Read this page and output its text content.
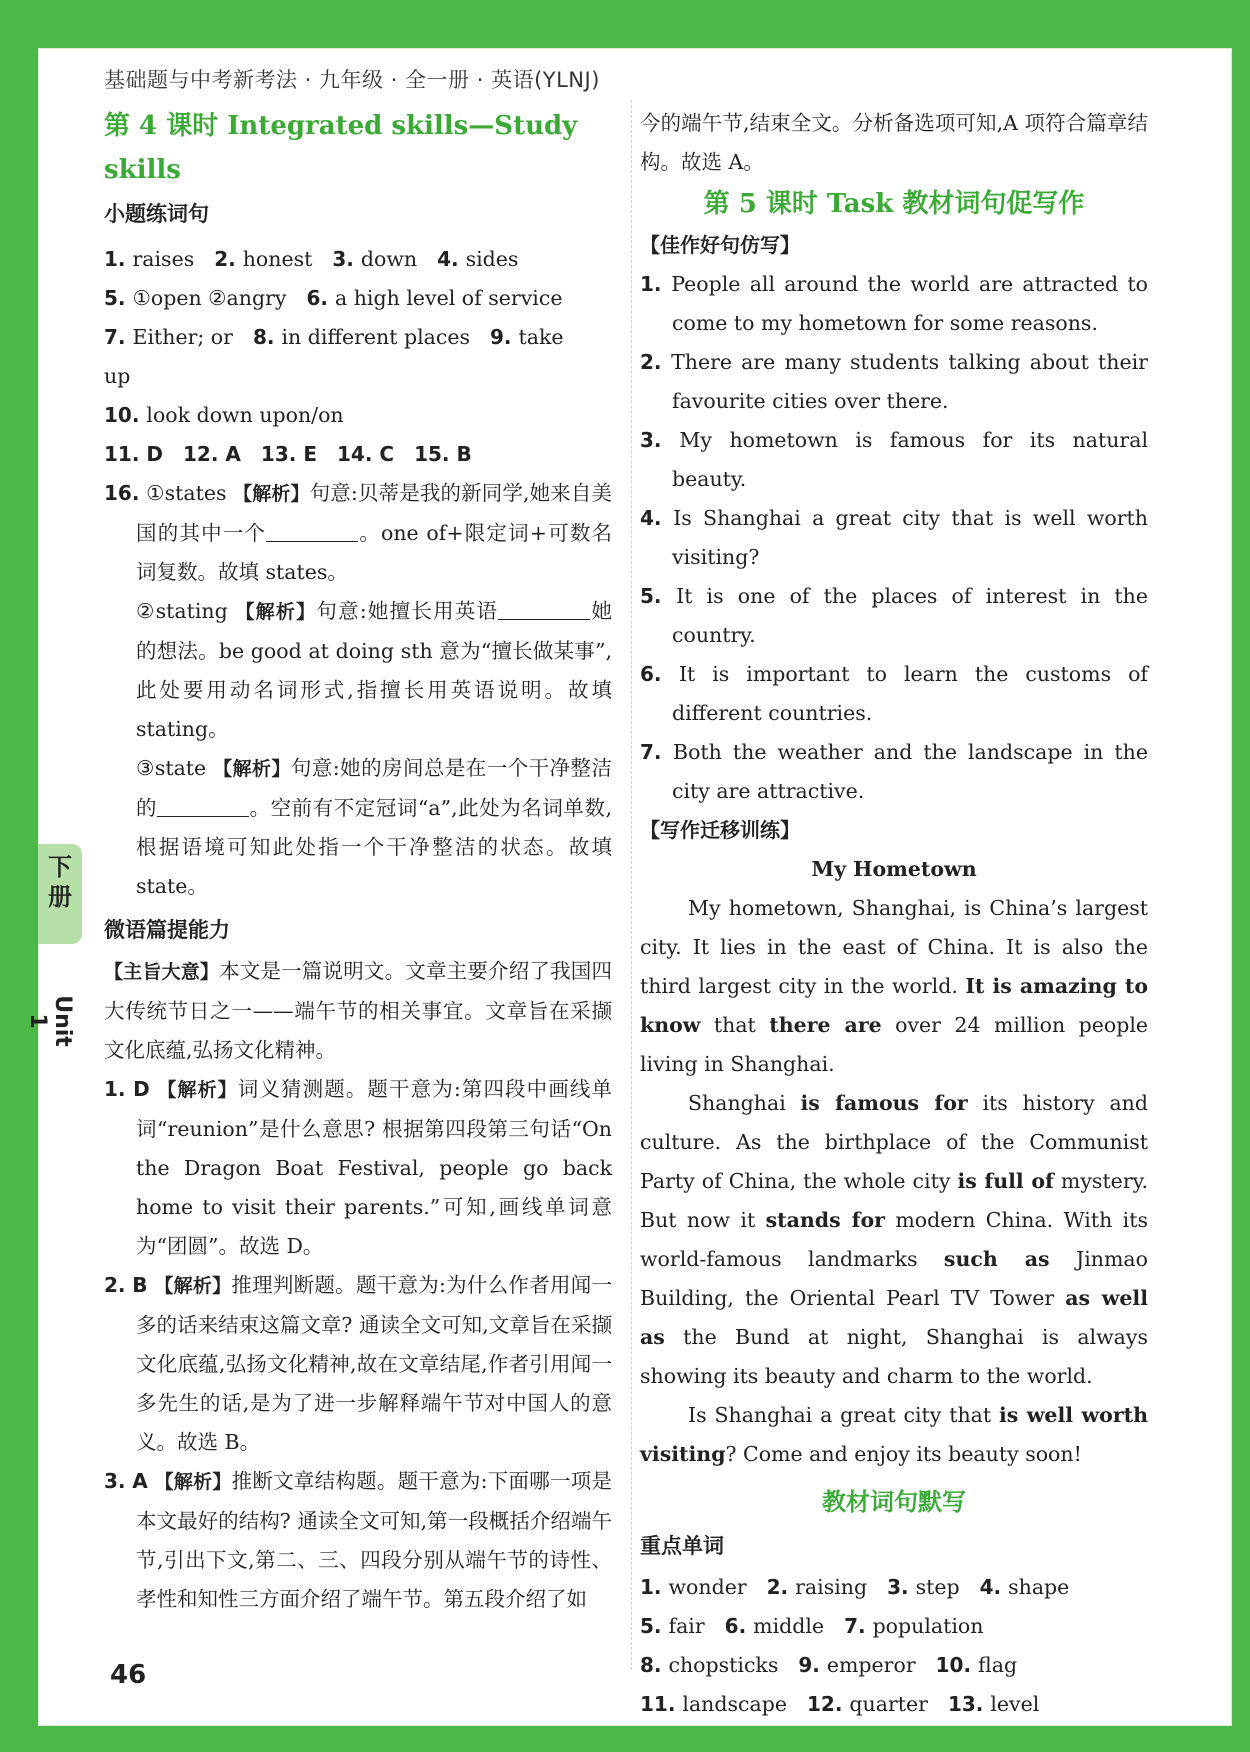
基础题与中考新考法 · 九年级 · 全一册 · 英语(YLNJ)
下册
Unit 1
第 4 课时 Integrated skills—Study skills
小题练词句
1. raises 2. honest 3. down 4. sides
5. ①open ②angry 6. a high level of service
7. Either; or 8. in different places 9. take up
10. look down upon/on
11. D 12. A 13. E 14. C 15. B
16. ①states 【解析】句意:贝蒂是我的新同学,她来自美国的其中一个	。one of+限定词+可数名词复数。故填 states。
②stating 【解析】句意:她擅长用英语	她的想法。be good at doing sth 意为“擅长做某事”,此处要用动名词形式,指擅长用英语说明。故填 stating。
③state 【解析】句意:她的房间总是在一个干净整洁的	。空前有不定冠词“a”,此处为名词单数,根据语境可知此处指一个干净整洁的状态。故填 state。
微语篇提能力
【主旨大意】本文是一篇说明文。文章主要介绍了我国四大传统节日之一——端午节的相关事宜。文章旨在采撷文化底蕴,弘扬文化精神。
1. D 【解析】词义猜测题。题干意为:第四段中画线单词“reunion”是什么意思? 根据第四段第三句话“On the Dragon Boat Festival, people go back home to visit their parents.”可知,画线单词意为“团圆”。故选 D。
2. B 【解析】推理判断题。题干意为:为什么作者用闻一多的话来结束这篇文章? 通读全文可知,文章旨在采撷文化底蕴,弘扬文化精神,故在文章结尾,作者引用闻一多先生的话,是为了进一步解释端午节对中国人的意义。故选 B。
3. A 【解析】推断文章结构题。题干意为:下面哪一项是本文最好的结构? 通读全文可知,第一段概括介绍端午节,引出下文,第二、三、四段分别从端午节的诗性、孝性和知性三方面介绍了端午节。第五段介绍了如
今的端午节,结束全文。分析备选项可知,A 项符合篇章结构。故选 A。
第 5 课时 Task 教材词句促写作
【佳作好句仿写】
1. People all around the world are attracted to come to my hometown for some reasons.
2. There are many students talking about their favourite cities over there.
3. My hometown is famous for its natural beauty.
4. Is Shanghai a great city that is well worth visiting?
5. It is one of the places of interest in the country.
6. It is important to learn the customs of different countries.
7. Both the weather and the landscape in the city are attractive.
【写作迁移训练】
My Hometown
My hometown, Shanghai, is China’s largest city. It lies in the east of China. It is also the third largest city in the world. It is amazing to know that there are over 24 million people living in Shanghai.
Shanghai is famous for its history and culture. As the birthplace of the Communist Party of China, the whole city is full of mystery. But now it stands for modern China. With its world-famous landmarks such as Jinmao Building, the Oriental Pearl TV Tower as well as the Bund at night, Shanghai is always showing its beauty and charm to the world.
Is Shanghai a great city that is well worth visiting? Come and enjoy its beauty soon!
教材词句默写
重点单词
1. wonder 2. raising 3. step 4. shape
5. fair 6. middle 7. population
8. chopsticks 9. emperor 10. flag
11. landscape 12. quarter 13. level
46
